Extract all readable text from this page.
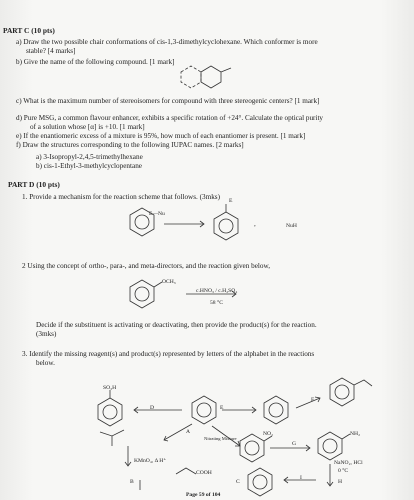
PART C (10 pts)
a) Draw the two possible chair conformations of cis-1,3-dimethylcyclohexane. Which conformer is more
stable? [4 marks]
b) Give the name of the following compound. [1 mark]
c) What is the maximum number of stereoisomers for compound with three stereogenic centers? [1 mark]
d) Pure MSG, a common flavour enhancer, exhibits a specific rotation of +24°. Calculate the optical purity
of a solution whose [α] is +10. [1 mark]
e) If the enantiomeric excess of a mixture is 95%, how much of each enantiomer is present. [1 mark]
f) Draw the structures corresponding to the following IUPAC names. [2 marks]
a) 3-Isopropyl-2,4,5-trimethylhexane
b) cis-1-Ethyl-3-methylcyclopentane
PART D (10 pts)
1. Provide a mechanism for the reaction scheme that follows. (3mks)
,
E—Nu
E
NuH
2 Using the concept of ortho-, para-, and meta-directors, and the reaction given below,
OCH₃
c.HNO₃ / c.H₂SO₄
58 °C
Decide if the substituent is activating or deactivating, then provide the product(s) for the reaction.
(3mks)
3. Identify the missing reagent(s) and product(s) represented by letters of the alphabet in the reactions
below.
SO₃H
NO₂	NH₂
COOH
KMnO₄, Δ H⁺	NaNO₂, HCl
0 °C
Nitrating Mixture
D	E
F
A
G
I
B	C	H
Page 59 of 104
